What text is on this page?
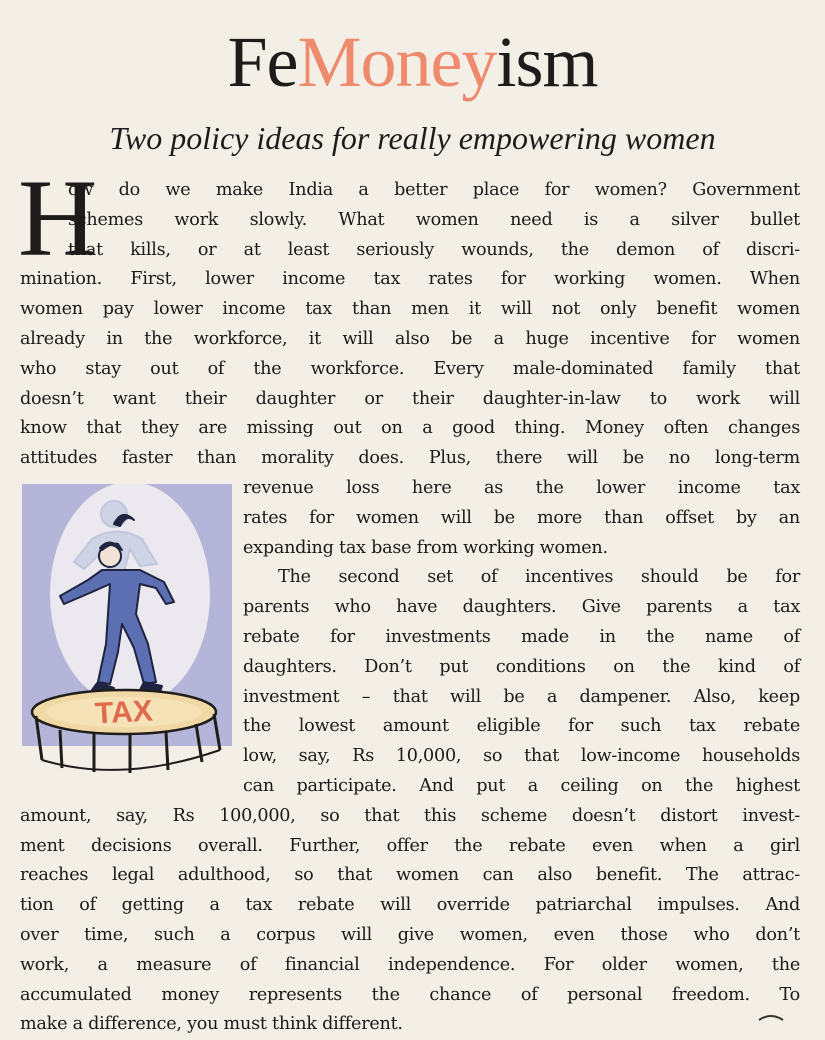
FeMoneyism
Two policy ideas for really empowering women
H
ow do we make India a better place for women? Government
schemes work slowly. What women need is a silver bullet
that kills, or at least seriously wounds, the demon of discri-
mination. First, lower income tax rates for working women. When
women pay lower income tax than men it will not only benefit women
already in the workforce, it will also be a huge incentive for women
who stay out of the workforce. Every male-dominated family that
doesn’t want their daughter or their daughter-in-law to work will
know that they are missing out on a good thing. Money often changes
attitudes faster than morality does. Plus, there will be no long-term
revenue loss here as the lower income tax
rates for women will be more than offset by an
expanding tax base from working women.
The second set of incentives should be for
parents who have daughters. Give parents a tax
rebate for investments made in the name of
daughters. Don’t put conditions on the kind of
investment – that will be a dampener. Also, keep
the lowest amount eligible for such tax rebate
low, say, Rs 10,000, so that low-income households
can participate. And put a ceiling on the highest
amount, say, Rs 100,000, so that this scheme doesn’t distort invest-
ment decisions overall. Further, offer the rebate even when a girl
reaches legal adulthood, so that women can also benefit. The attrac-
tion of getting a tax rebate will override patriarchal impulses. And
over time, such a corpus will give women, even those who don’t
work, a measure of financial independence. For older women, the
accumulated money represents the chance of personal freedom. To
make a difference, you must think different.
TAX
